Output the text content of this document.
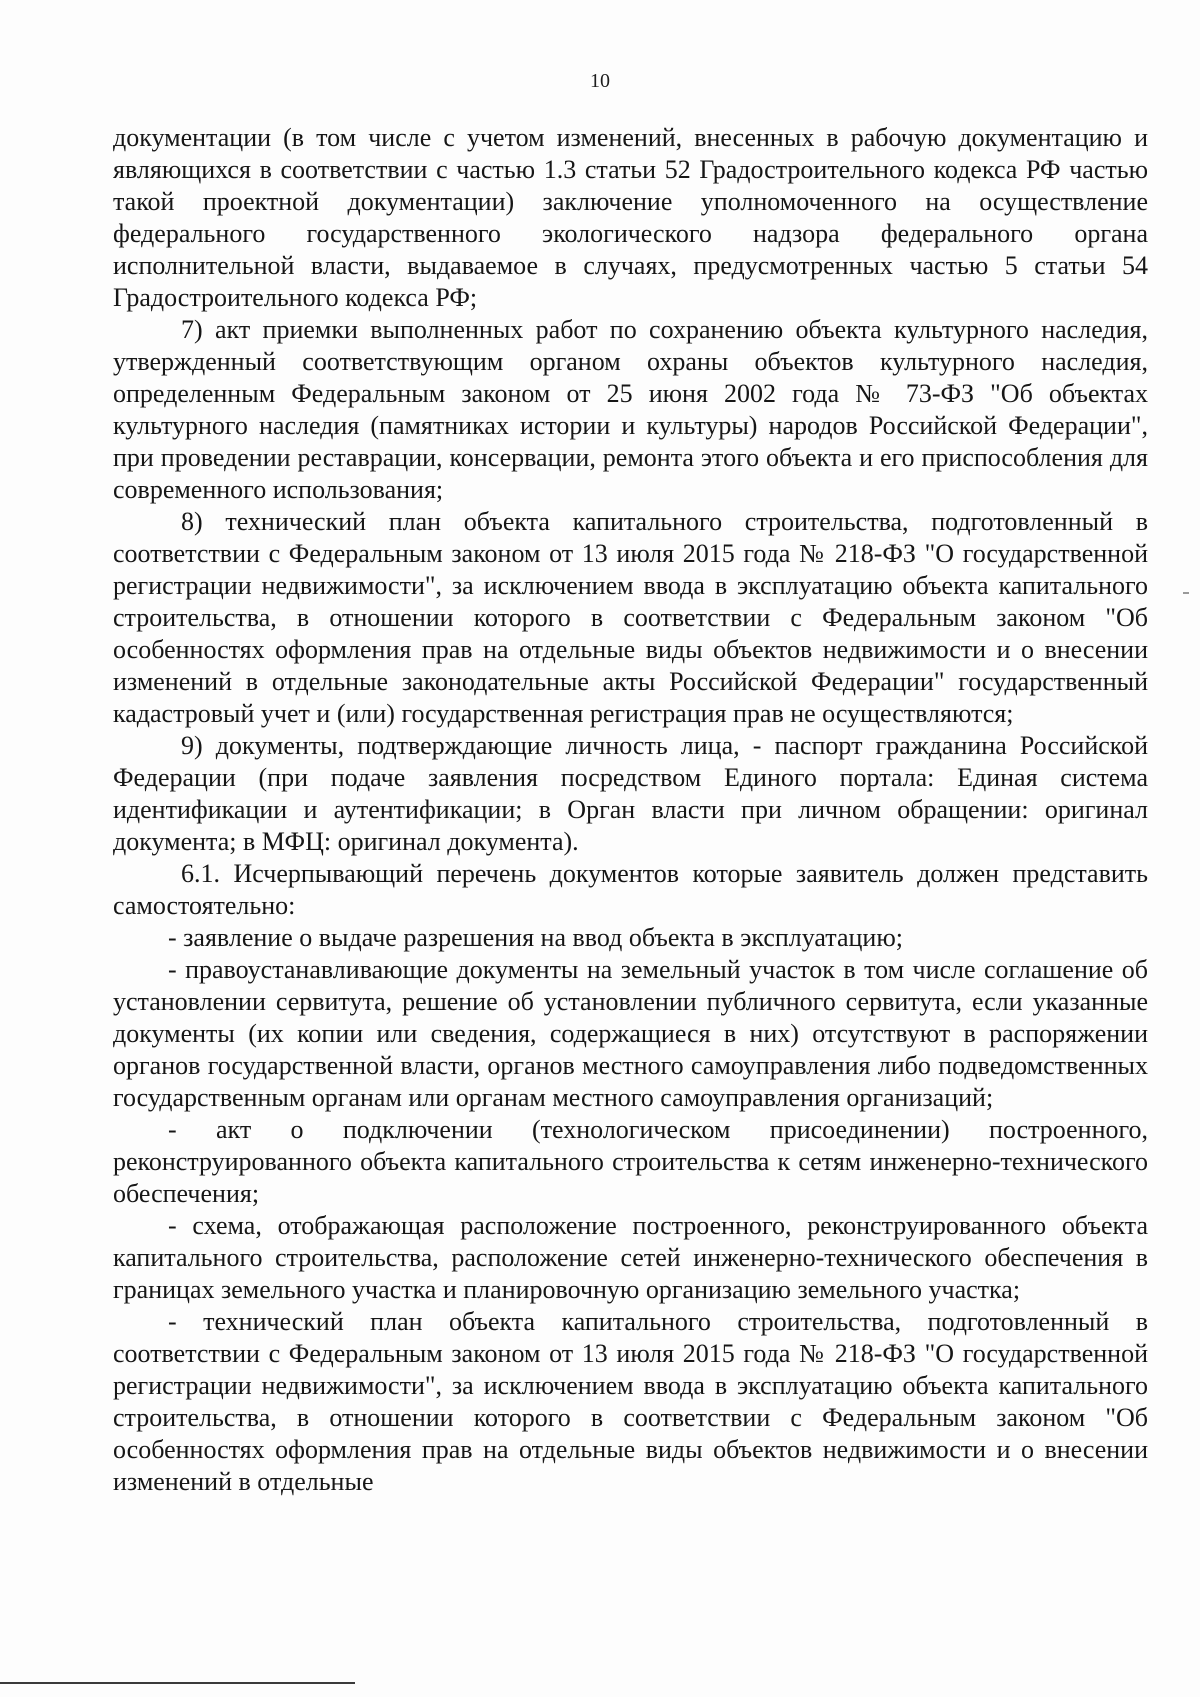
10

документации (в том числе с учетом изменений, внесенных в рабочую документацию и являющихся в соответствии с частью 1.3 статьи 52 Градостроительного кодекса РФ частью такой проектной документации) заключение уполномоченного на осуществление федерального государственного экологического надзора федерального органа исполнительной власти, выдаваемое в случаях, предусмотренных частью 5 статьи 54 Градостроительного кодекса РФ;

7) акт приемки выполненных работ по сохранению объекта культурного наследия, утвержденный соответствующим органом охраны объектов культурного наследия, определенным Федеральным законом от 25 июня 2002 года № 73-ФЗ "Об объектах культурного наследия (памятниках истории и культуры) народов Российской Федерации", при проведении реставрации, консервации, ремонта этого объекта и его приспособления для современного использования;

8) технический план объекта капитального строительства, подготовленный в соответствии с Федеральным законом от 13 июля 2015 года № 218-ФЗ "О государственной регистрации недвижимости", за исключением ввода в эксплуатацию объекта капитального строительства, в отношении которого в соответствии с Федеральным законом "Об особенностях оформления прав на отдельные виды объектов недвижимости и о внесении изменений в отдельные законодательные акты Российской Федерации" государственный кадастровый учет и (или) государственная регистрация прав не осуществляются;

9) документы, подтверждающие личность лица, - паспорт гражданина Российской Федерации (при подаче заявления посредством Единого портала: Единая система идентификации и аутентификации; в Орган власти при личном обращении: оригинал документа; в МФЦ: оригинал документа).

6.1. Исчерпывающий перечень документов которые заявитель должен представить самостоятельно:

- заявление о выдаче разрешения на ввод объекта в эксплуатацию;

- правоустанавливающие документы на земельный участок в том числе соглашение об установлении сервитута, решение об установлении публичного сервитута, если указанные документы (их копии или сведения, содержащиеся в них) отсутствуют в распоряжении органов государственной власти, органов местного самоуправления либо подведомственных государственным органам или органам местного самоуправления организаций;

- акт о подключении (технологическом присоединении) построенного, реконструированного объекта капитального строительства к сетям инженерно-технического обеспечения;

- схема, отображающая расположение построенного, реконструированного объекта капитального строительства, расположение сетей инженерно-технического обеспечения в границах земельного участка и планировочную организацию земельного участка;

- технический план объекта капитального строительства, подготовленный в соответствии с Федеральным законом от 13 июля 2015 года № 218-ФЗ "О государственной регистрации недвижимости", за исключением ввода в эксплуатацию объекта капитального строительства, в отношении которого в соответствии с Федеральным законом "Об особенностях оформления прав на отдельные виды объектов недвижимости и о внесении изменений в отдельные
